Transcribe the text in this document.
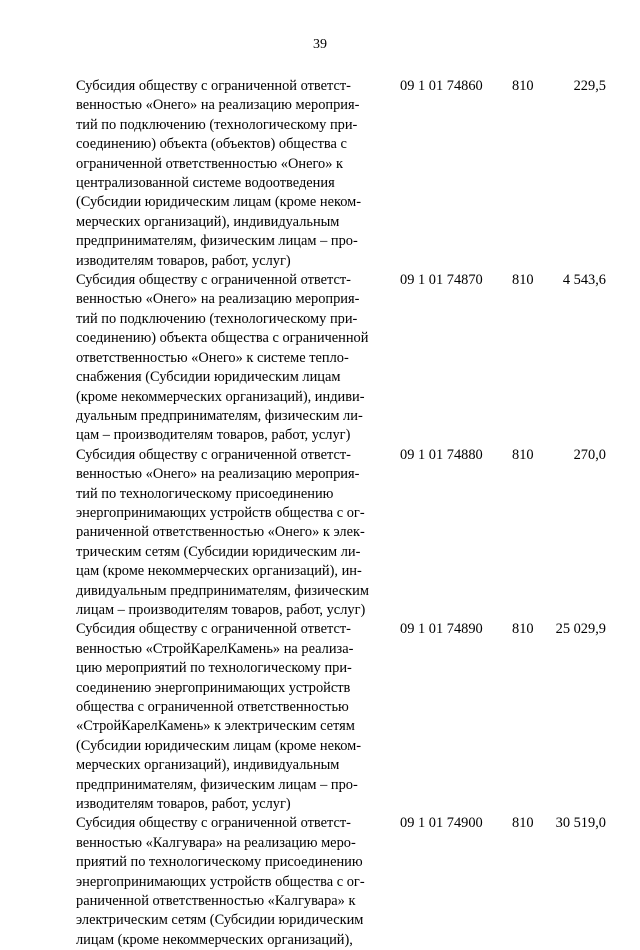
39
Субсидия обществу с ограниченной ответст-
венностью «Онего» на реализацию мероприя-
тий по подключению (технологическому при-
соединению) объекта (объектов) общества с
ограниченной ответственностью «Онего» к
централизованной системе водоотведения
(Субсидии юридическим лицам (кроме неком-
мерческих организаций), индивидуальным
предпринимателям, физическим лицам – про-
изводителям товаров, работ, услуг)
09 1 01 74860	810	229,5
Субсидия обществу с ограниченной ответст-
венностью «Онего» на реализацию мероприя-
тий по подключению (технологическому при-
соединению) объекта общества с ограниченной
ответственностью «Онего» к системе тепло-
снабжения (Субсидии юридическим лицам
(кроме некоммерческих организаций), индиви-
дуальным предпринимателям, физическим ли-
цам – производителям товаров, работ, услуг)
09 1 01 74870	810	4 543,6
Субсидия обществу с ограниченной ответст-
венностью «Онего» на реализацию мероприя-
тий по технологическому присоединению
энергопринимающих устройств общества с ог-
раниченной ответственностью «Онего» к элек-
трическим сетям (Субсидии юридическим ли-
цам (кроме некоммерческих организаций), ин-
дивидуальным предпринимателям, физическим
лицам – производителям товаров, работ, услуг)
09 1 01 74880	810	270,0
Субсидия обществу с ограниченной ответст-
венностью «СтройКарелКамень» на реализа-
цию мероприятий по технологическому при-
соединению энергопринимающих устройств
общества с ограниченной ответственностью
«СтройКарелКамень» к электрическим сетям
(Субсидии юридическим лицам (кроме неком-
мерческих организаций), индивидуальным
предпринимателям, физическим лицам – про-
изводителям товаров, работ, услуг)
09 1 01 74890	810	25 029,9
Субсидия обществу с ограниченной ответст-
венностью «Калгувара» на реализацию меро-
приятий по технологическому присоединению
энергопринимающих устройств общества с ог-
раниченной ответственностью «Калгувара» к
электрическим сетям (Субсидии юридическим
лицам (кроме некоммерческих организаций),
09 1 01 74900	810	30 519,0
